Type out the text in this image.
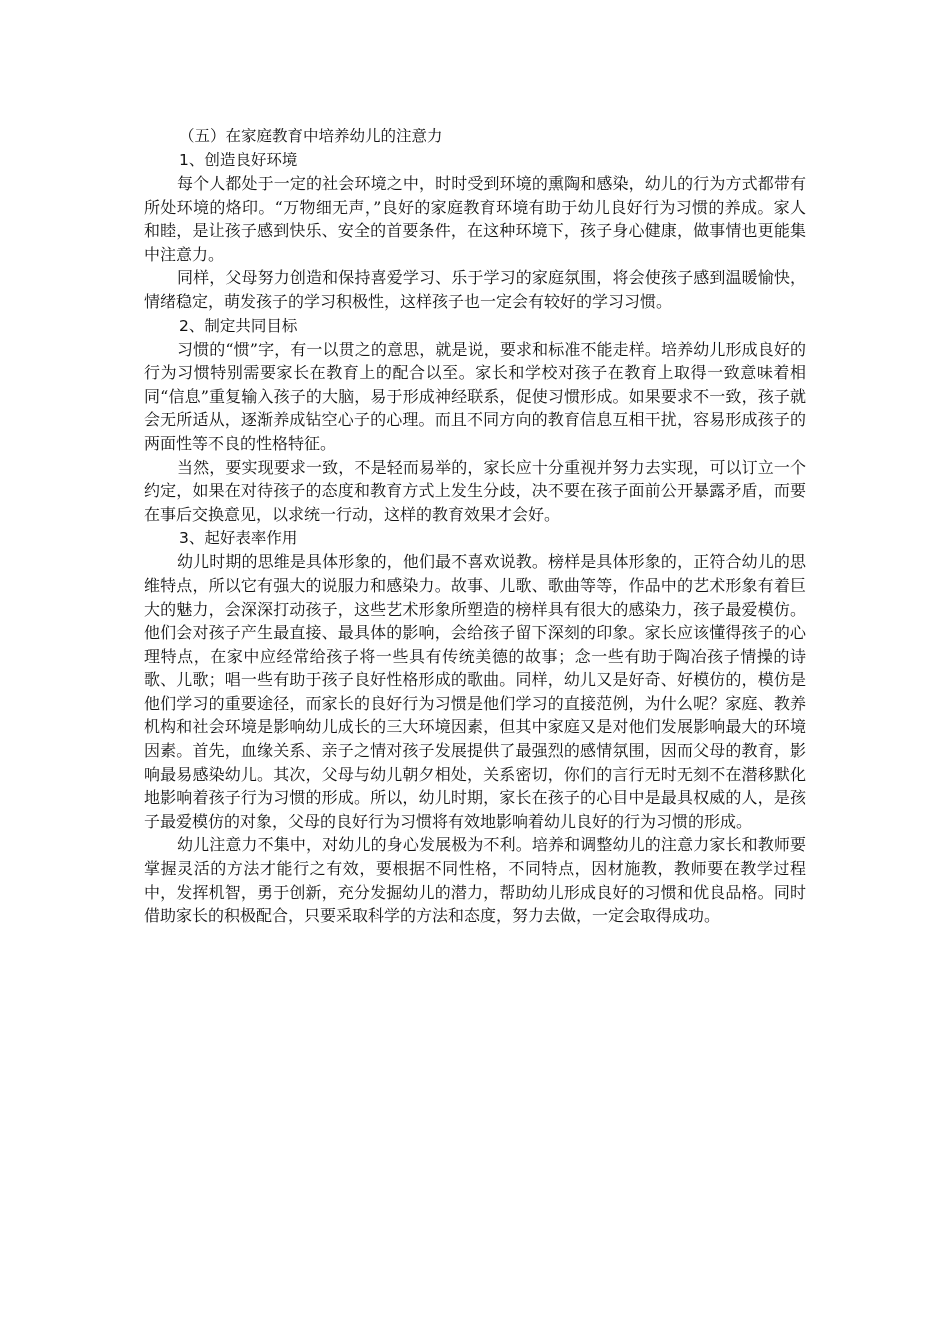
（五）在家庭教育中培养幼儿的注意力

1、创造良好环境

每个人都处于一定的社会环境之中，时时受到环境的熏陶和感染，幼儿的行为方式都带有所处环境的烙印。“万物细无声，”良好的家庭教育环境有助于幼儿良好行为习惯的养成。家人和睦，是让孩子感到快乐、安全的首要条件，在这种环境下，孩子身心健康，做事情也更能集中注意力。

同样，父母努力创造和保持喜爱学习、乐于学习的家庭氛围，将会使孩子感到温暖愉快，情绪稳定，萌发孩子的学习积极性，这样孩子也一定会有较好的学习习惯。

2、制定共同目标

习惯的“惯”字，有一以贯之的意思，就是说，要求和标准不能走样。培养幼儿形成良好的行为习惯特别需要家长在教育上的配合以至。家长和学校对孩子在教育上取得一致意味着相同“信息”重复输入孩子的大脑，易于形成神经联系，促使习惯形成。如果要求不一致，孩子就会无所适从，逐渐养成钻空心子的心理。而且不同方向的教育信息互相干扰，容易形成孩子的两面性等不良的性格特征。

当然，要实现要求一致，不是轻而易举的，家长应十分重视并努力去实现，可以订立一个约定，如果在对待孩子的态度和教育方式上发生分歧，决不要在孩子面前公开暴露矛盾，而要在事后交换意见，以求统一行动，这样的教育效果才会好。

3、起好表率作用

幼儿时期的思维是具体形象的，他们最不喜欢说教。榜样是具体形象的，正符合幼儿的思维特点，所以它有强大的说服力和感染力。故事、儿歌、歌曲等等，作品中的艺术形象有着巨大的魅力，会深深打动孩子，这些艺术形象所塑造的榜样具有很大的感染力，孩子最爱模仿。他们会对孩子产生最直接、最具体的影响，会给孩子留下深刻的印象。家长应该懂得孩子的心理特点，在家中应经常给孩子将一些具有传统美德的故事；念一些有助于陶冶孩子情操的诗歌、儿歌；唱一些有助于孩子良好性格形成的歌曲。同样，幼儿又是好奇、好模仿的，模仿是他们学习的重要途径，而家长的良好行为习惯是他们学习的直接范例，为什么呢？家庭、教养机构和社会环境是影响幼儿成长的三大环境因素，但其中家庭又是对他们发展影响最大的环境因素。首先，血缘关系、亲子之情对孩子发展提供了最强烈的感情氛围，因而父母的教育，影响最易感染幼儿。其次，父母与幼儿朝夕相处，关系密切，你们的言行无时无刻不在潜移默化地影响着孩子行为习惯的形成。所以，幼儿时期，家长在孩子的心目中是最具权威的人，是孩子最爱模仿的对象，父母的良好行为习惯将有效地影响着幼儿良好的行为习惯的形成。

幼儿注意力不集中，对幼儿的身心发展极为不利。培养和调整幼儿的注意力家长和教师要掌握灵活的方法才能行之有效，要根据不同性格，不同特点，因材施教，教师要在教学过程中，发挥机智，勇于创新，充分发掘幼儿的潜力，帮助幼儿形成良好的习惯和优良品格。同时借助家长的积极配合，只要采取科学的方法和态度，努力去做，一定会取得成功。
